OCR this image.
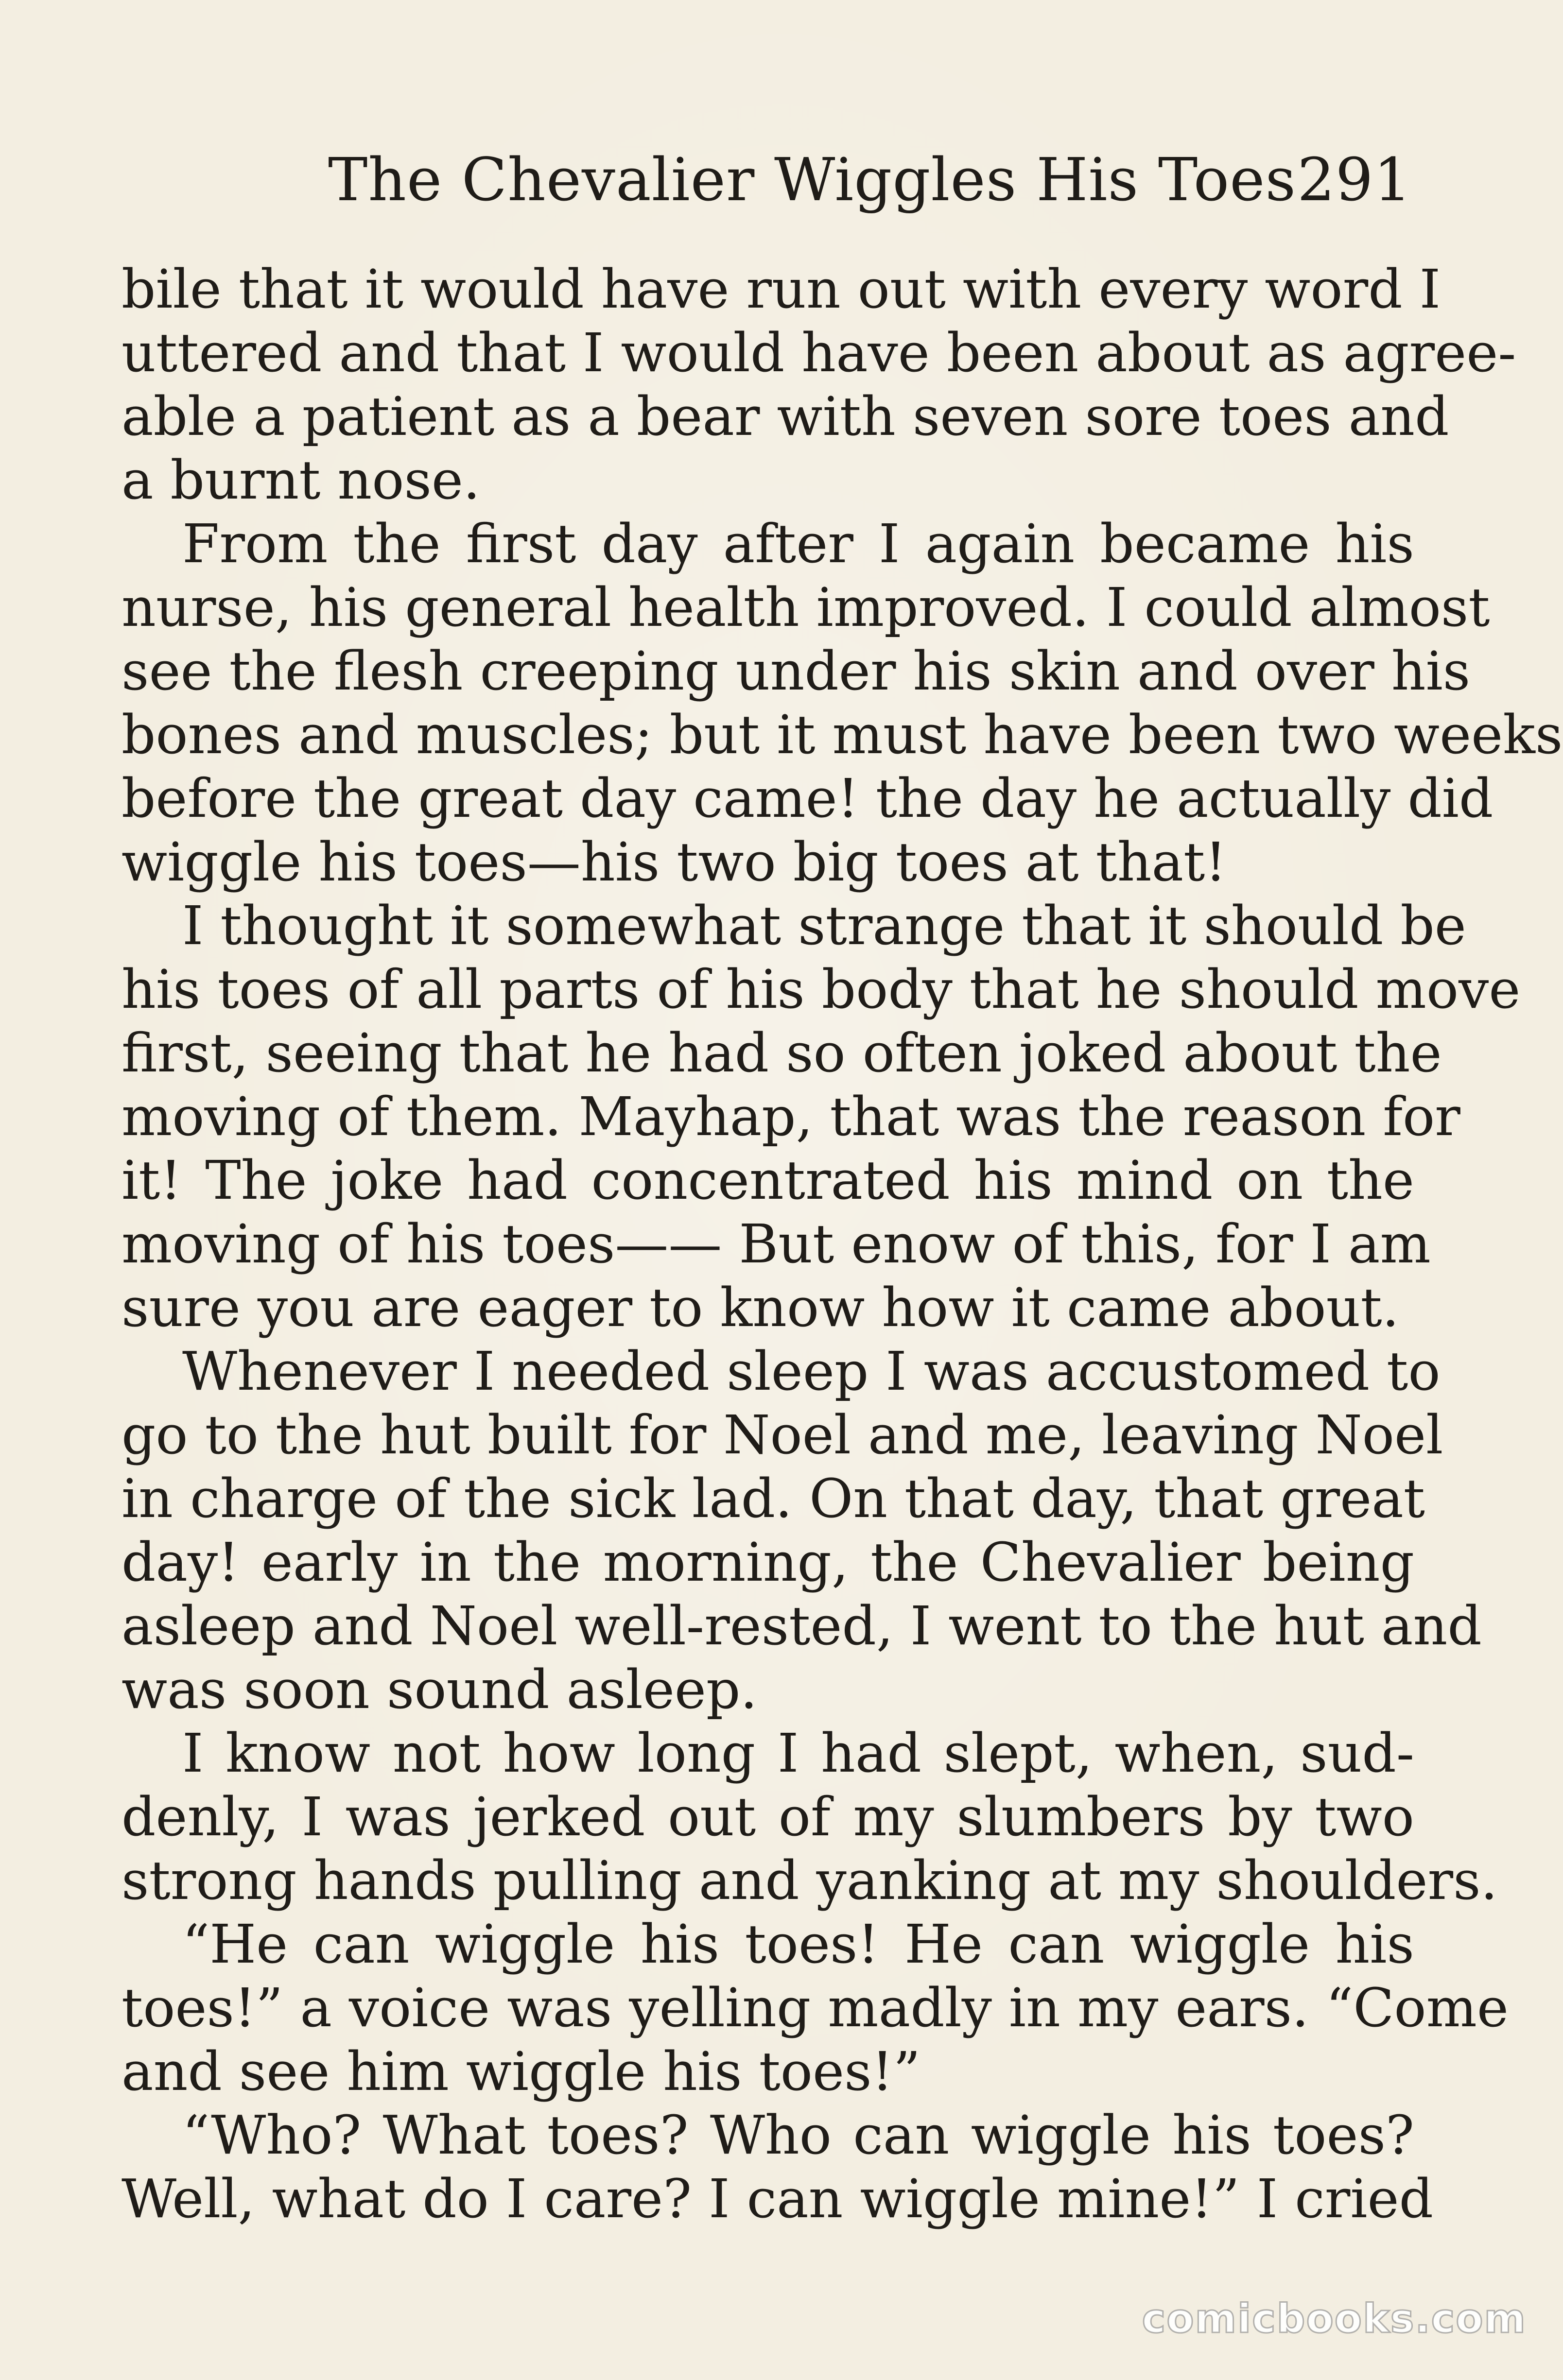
The Chevalier Wiggles His Toes 291
bile that it would have run out with every word I
uttered and that I would have been about as agree-
able a patient as a bear with seven sore toes and
a burnt nose.
From the first day after I again became his
nurse, his general health improved. I could almost
see the flesh creeping under his skin and over his
bones and muscles; but it must have been two weeks
before the great day came! the day he actually did
wiggle his toes—his two big toes at that!
I thought it somewhat strange that it should be
his toes of all parts of his body that he should move
first, seeing that he had so often joked about the
moving of them. Mayhap, that was the reason for
it! The joke had concentrated his mind on the
moving of his toes—— But enow of this, for I am
sure you are eager to know how it came about.
Whenever I needed sleep I was accustomed to
go to the hut built for Noel and me, leaving Noel
in charge of the sick lad. On that day, that great
day! early in the morning, the Chevalier being
asleep and Noel well-rested, I went to the hut and
was soon sound asleep.
I know not how long I had slept, when, sud-
denly, I was jerked out of my slumbers by two
strong hands pulling and yanking at my shoulders.
“He can wiggle his toes! He can wiggle his
toes!” a voice was yelling madly in my ears. “Come
and see him wiggle his toes!”
“Who? What toes? Who can wiggle his toes?
Well, what do I care? I can wiggle mine!” I cried
comicbooks.com
